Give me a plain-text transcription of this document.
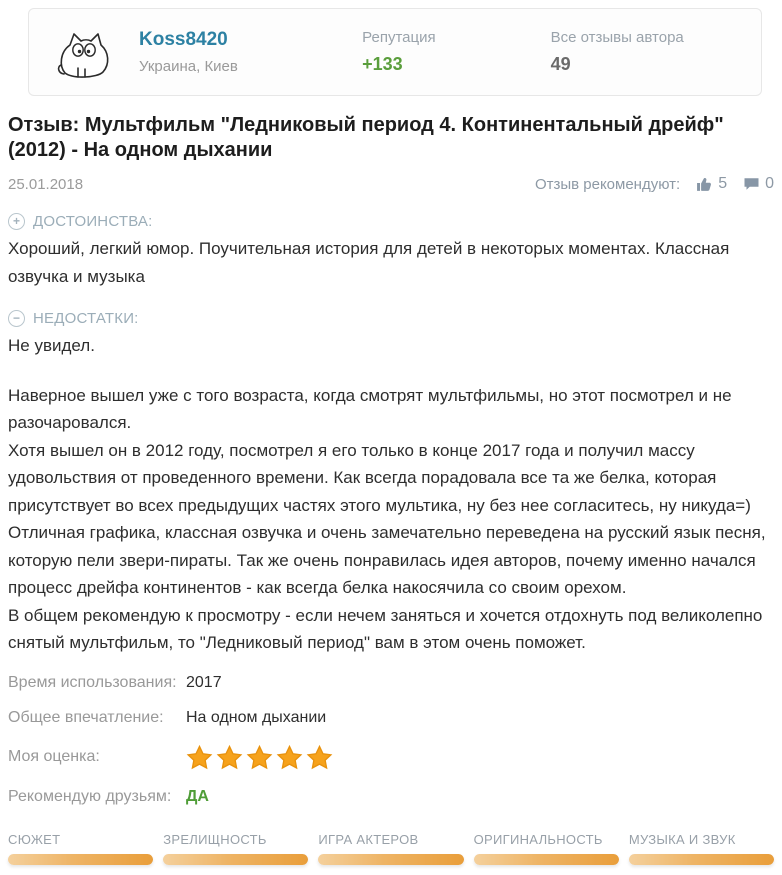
Koss8420
Украина, Киев
Репутация
+133
Все отзывы автора
49
Отзыв: Мультфильм "Ледниковый период 4. Континентальный дрейф" (2012) - На одном дыхании
25.01.2018	Отзыв рекомендуют: 5 0
+ ДОСТОИНСТВА:
Хороший, легкий юмор. Поучительная история для детей в некоторых моментах. Классная озвучка и музыка
− НЕДОСТАТКИ:
Не увидел.
Наверное вышел уже с того возраста, когда смотрят мультфильмы, но этот посмотрел и не разочаровался.
Хотя вышел он в 2012 году, посмотрел я его только в конце 2017 года и получил массу удовольствия от проведенного времени. Как всегда порадовала все та же белка, которая присутствует во всех предыдущих частях этого мультика, ну без нее согласитесь, ну никуда=)
Отличная графика, классная озвучка и очень замечательно переведена на русский язык песня, которую пели звери-пираты. Так же очень понравилась идея авторов, почему именно начался процесс дрейфа континентов - как всегда белка накосячила со своим орехом.
В общем рекомендую к просмотру - если нечем заняться и хочется отдохнуть под великолепно снятый мультфильм, то "Ледниковый период" вам в этом очень поможет.
Время использования: 2017
Общее впечатление:	На одном дыхании
Моя оценка:
Рекомендую друзьям: ДА
СЮЖЕТ	ЗРЕЛИЩНОСТЬ	ИГРА АКТЕРОВ	ОРИГИНАЛЬНОСТЬ	МУЗЫКА И ЗВУК
